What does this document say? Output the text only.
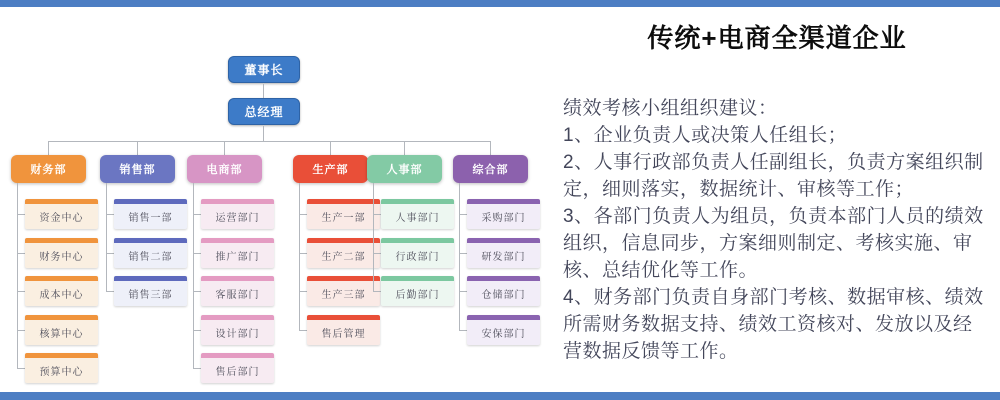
董事长
总经理
财务部
资金中心
财务中心
成本中心
核算中心
预算中心
销售部
销售一部
销售二部
销售三部
电商部
运营部门
推广部门
客服部门
设计部门
售后部门
生产部
生产一部
生产二部
生产三部
售后管理
人事部
人事部门
行政部门
后勤部门
综合部
采购部门
研发部门
仓储部门
安保部门
传统+电商全渠道企业
绩效考核小组组织建议：
1、企业负责人或决策人任组长；
2、人事行政部负责人任副组长，负责方案组织制定，细则落实，数据统计、审核等工作；
3、各部门负责人为组员，负责本部门人员的绩效组织，信息同步，方案细则制定、考核实施、审核、总结优化等工作。
4、财务部门负责自身部门考核、数据审核、绩效所需财务数据支持、绩效工资核对、发放以及经营数据反馈等工作。
